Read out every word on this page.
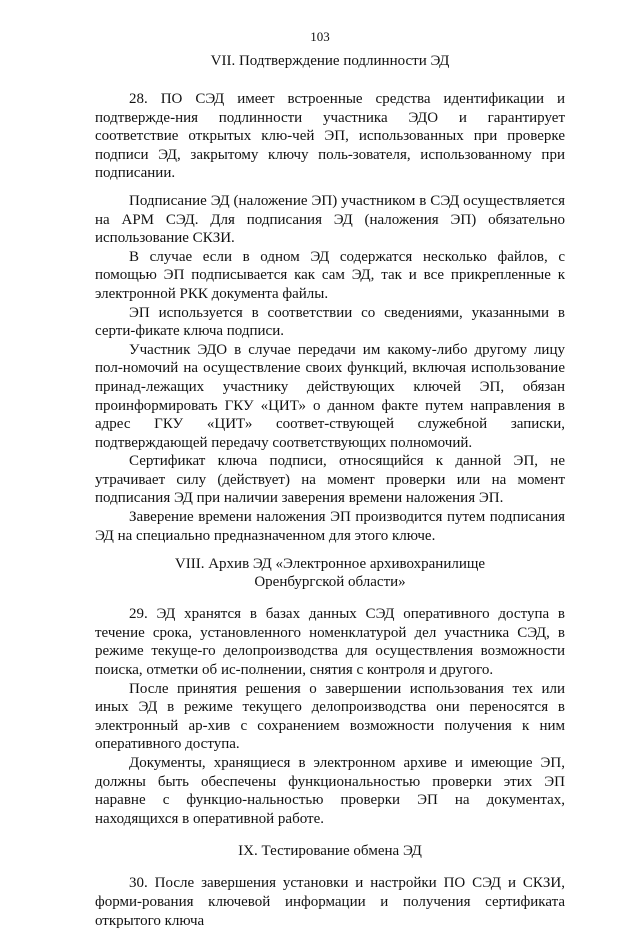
103
VII. Подтверждение подлинности ЭД

28. ПО СЭД имеет встроенные средства идентификации и подтвержде-ния подлинности участника ЭДО и гарантирует соответствие открытых клю-чей ЭП, использованных при проверке подписи ЭД, закрытому ключу поль-зователя, использованному при подписании.

Подписание ЭД (наложение ЭП) участником в СЭД осуществляется на АРМ СЭД. Для подписания ЭД (наложения ЭП) обязательно использование СКЗИ.

В случае если в одном ЭД содержатся несколько файлов, с помощью ЭП подписывается как сам ЭД, так и все прикрепленные к электронной РКК документа файлы.

ЭП используется в соответствии со сведениями, указанными в серти-фикате ключа подписи.

Участник ЭДО в случае передачи им какому-либо другому лицу пол-номочий на осуществление своих функций, включая использование принад-лежащих участнику действующих ключей ЭП, обязан проинформировать ГКУ «ЦИТ» о данном факте путем направления в адрес ГКУ «ЦИТ» соответ-ствующей служебной записки, подтверждающей передачу соответствующих полномочий.

Сертификат ключа подписи, относящийся к данной ЭП, не утрачивает силу (действует) на момент проверки или на момент подписания ЭД при наличии заверения времени наложения ЭП.

Заверение времени наложения ЭП производится путем подписания ЭД на специально предназначенном для этого ключе.

VIII. Архив ЭД «Электронное архивохранилище
Оренбургской области»

29. ЭД хранятся в базах данных СЭД оперативного доступа в течение срока, установленного номенклатурой дел участника СЭД, в режиме текуще-го делопроизводства для осуществления возможности поиска, отметки об ис-полнении, снятия с контроля и другого.

После принятия решения о завершении использования тех или иных ЭД в режиме текущего делопроизводства они переносятся в электронный ар-хив с сохранением возможности получения к ним оперативного доступа.

Документы, хранящиеся в электронном архиве и имеющие ЭП, должны быть обеспечены функциональностью проверки этих ЭП наравне с функцио-нальностью проверки ЭП на документах, находящихся в оперативной работе.

IX. Тестирование обмена ЭД

30. После завершения установки и настройки ПО СЭД и СКЗИ, форми-рования ключевой информации и получения сертификата открытого ключа
